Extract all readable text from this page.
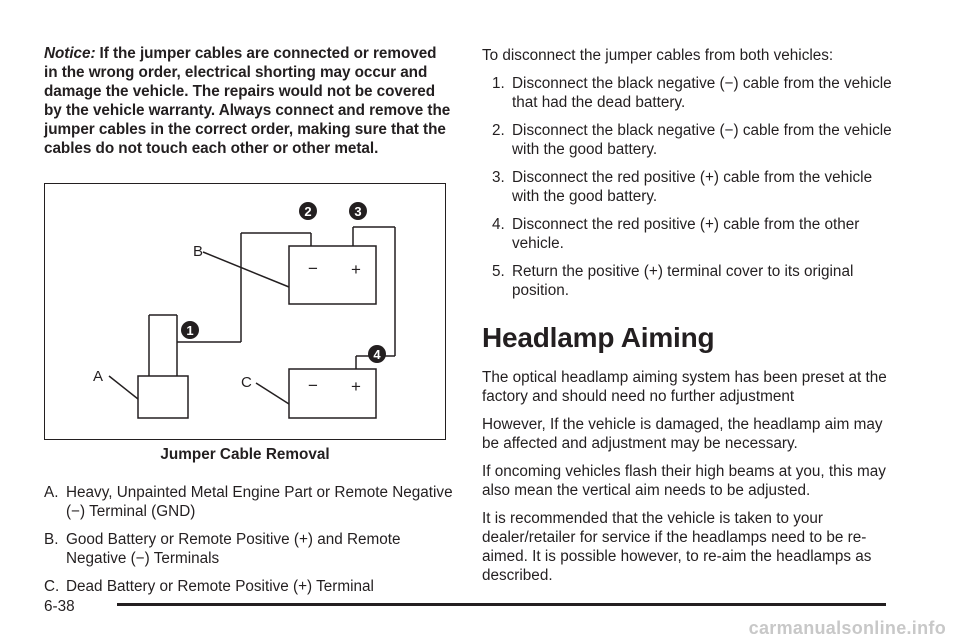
Notice: If the jumper cables are connected or removed in the wrong order, electrical shorting may occur and damage the vehicle. The repairs would not be covered by the vehicle warranty. Always connect and remove the jumper cables in the correct order, making sure that the cables do not touch each other or other metal.

− +
− +
B
A	C
1
2	3
4
Jumper Cable Removal
A. Heavy, Unpainted Metal Engine Part or Remote Negative (−) Terminal (GND)
B. Good Battery or Remote Positive (+) and Remote Negative (−) Terminals
C. Dead Battery or Remote Positive (+) Terminal

To disconnect the jumper cables from both vehicles:

1. Disconnect the black negative (−) cable from the vehicle that had the dead battery.
2. Disconnect the black negative (−) cable from the vehicle with the good battery.
3. Disconnect the red positive (+) cable from the vehicle with the good battery.
4. Disconnect the red positive (+) cable from the other vehicle.
5. Return the positive (+) terminal cover to its original position.
Headlamp Aiming

The optical headlamp aiming system has been preset at the factory and should need no further adjustment

However, If the vehicle is damaged, the headlamp aim may be affected and adjustment may be necessary.

If oncoming vehicles flash their high beams at you, this may also mean the vertical aim needs to be adjusted.

It is recommended that the vehicle is taken to your dealer/retailer for service if the headlamps need to be re-aimed. It is possible however, to re-aim the headlamps as described.

6-38
carmanualsonline.info
